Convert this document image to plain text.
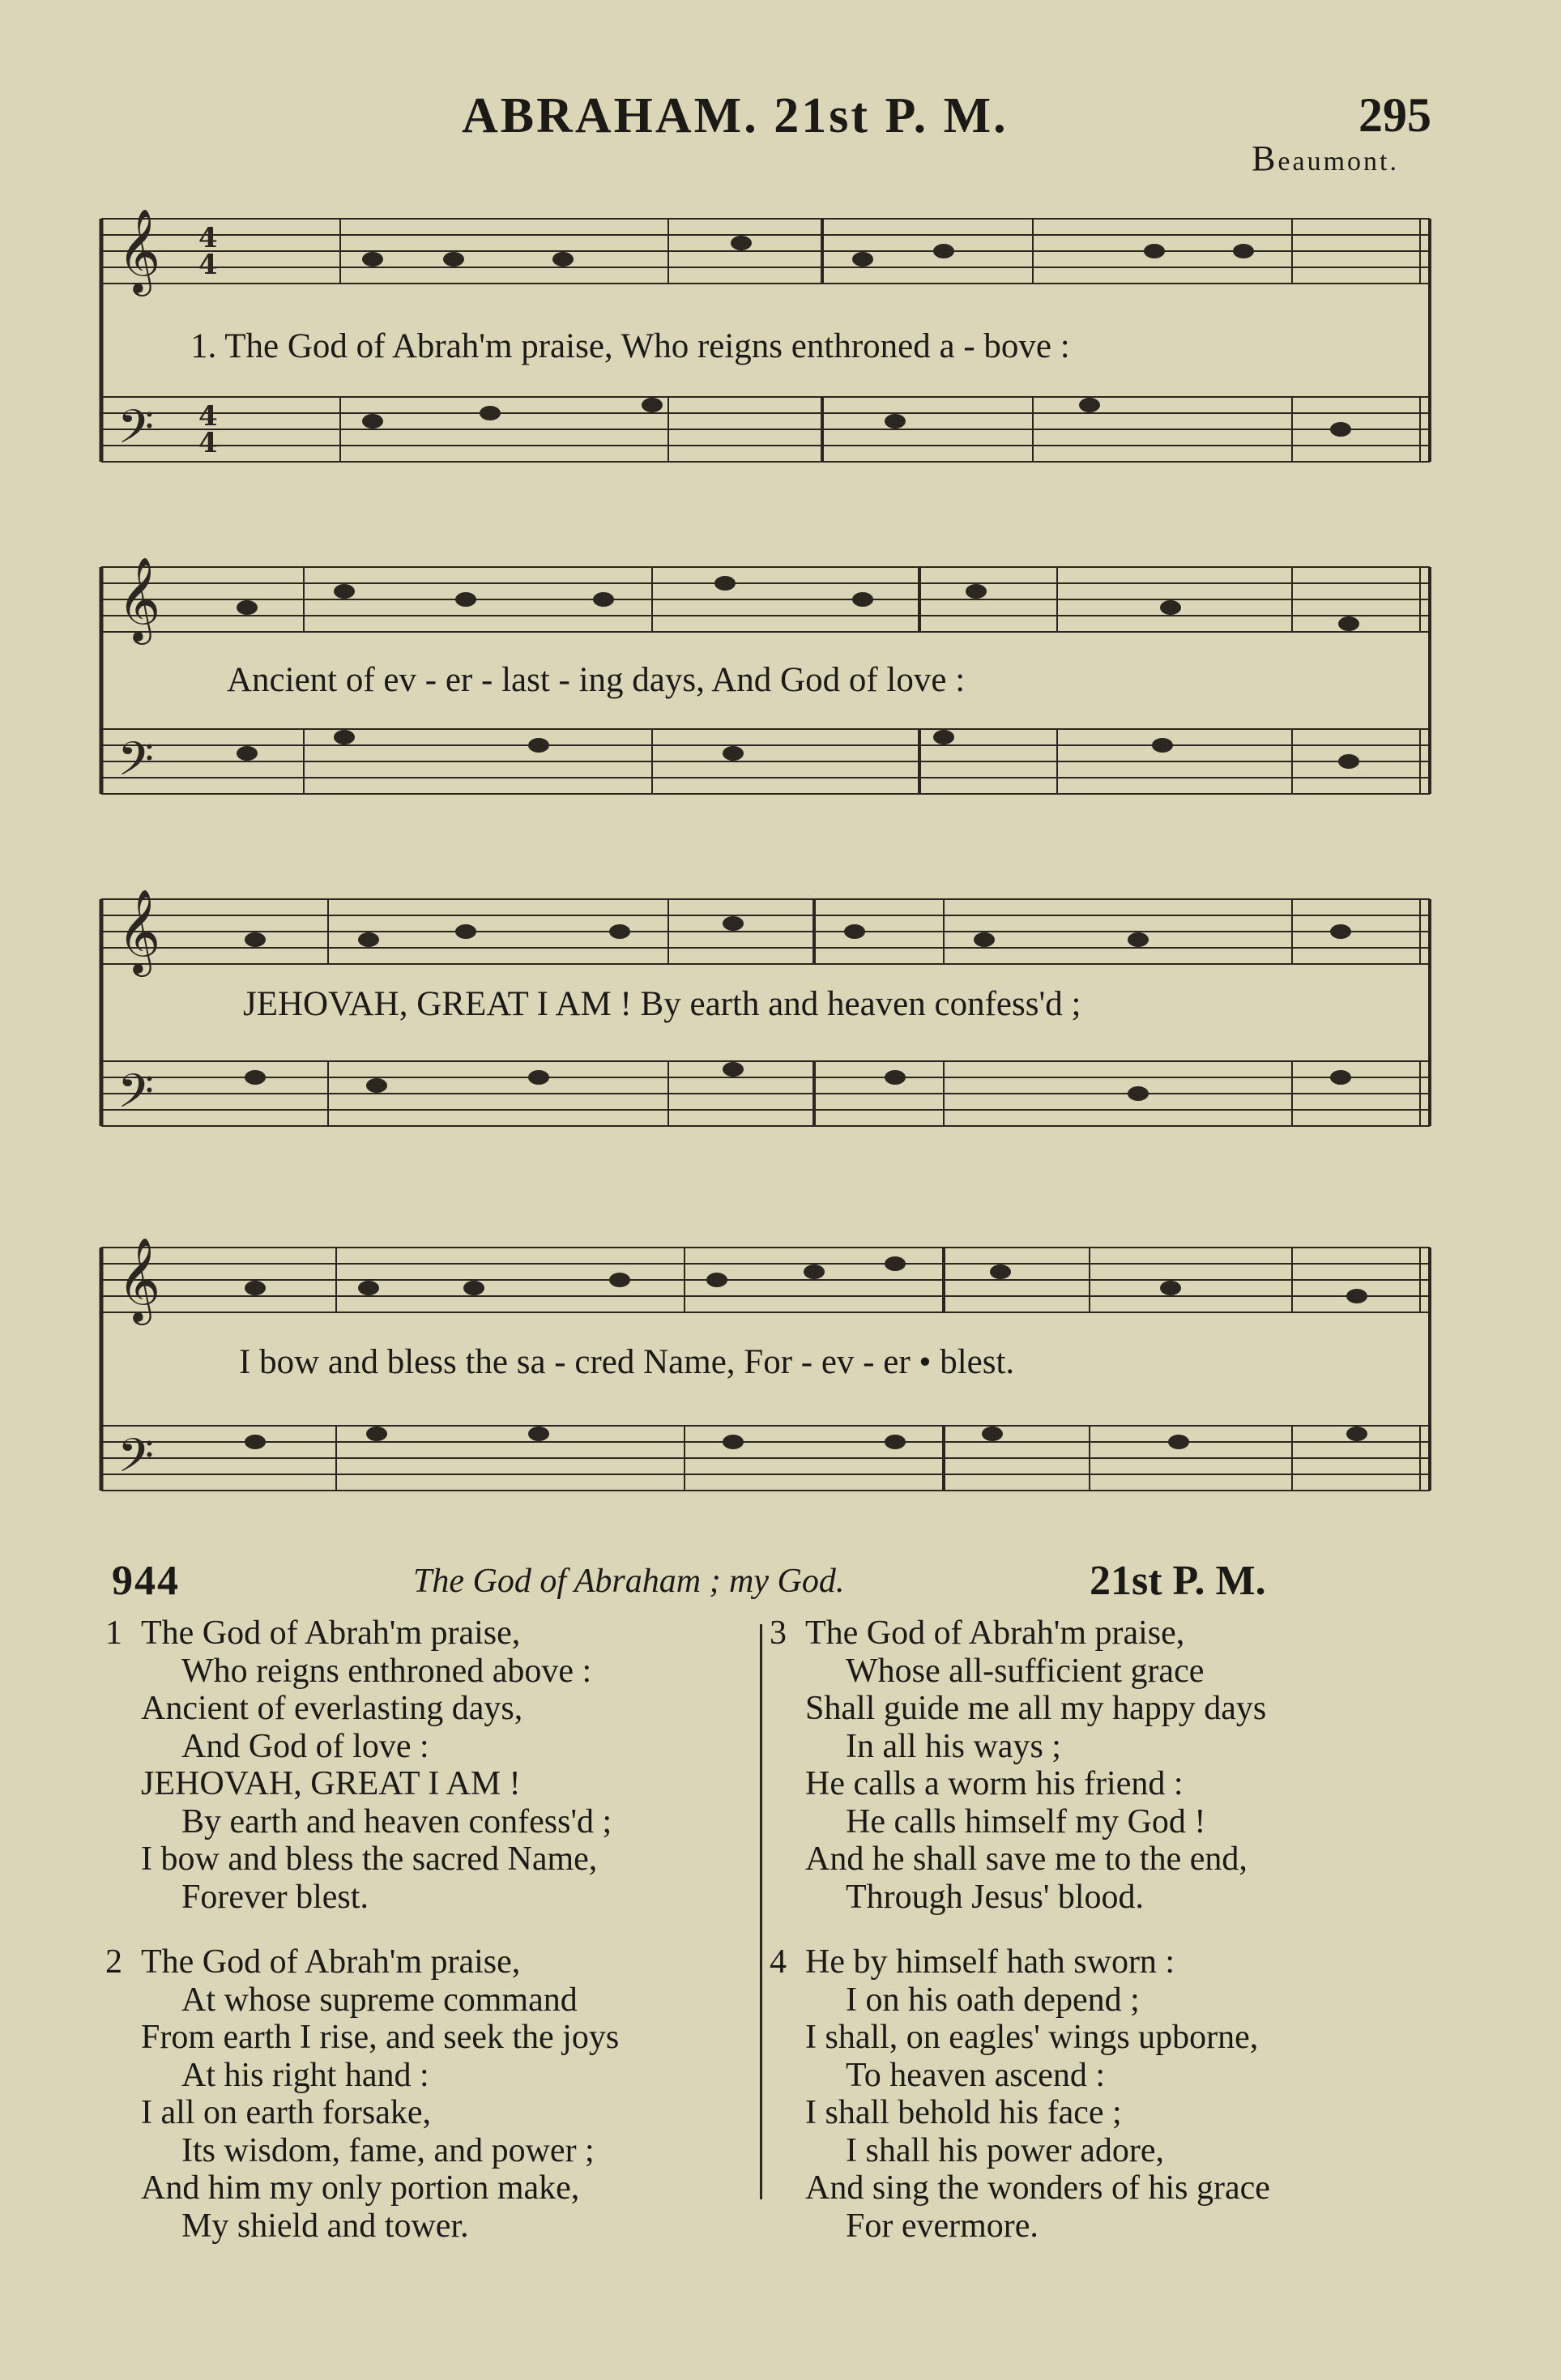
ABRAHAM. 21st P. M.	295
Beaumont.
𝄞
𝄢
4
4
4
4
1. The God of Abrah'm praise, Who reigns enthroned a - bove :
𝄞
𝄢
Ancient of ev - er - last - ing days, And God of love :
𝄞
𝄢
JEHOVAH, GREAT I AM ! By earth and heaven confess'd ;
𝄞
𝄢
I bow and bless the sa - cred Name, For - ev - er • blest.
944	The God of Abraham ; my God.	21st P. M.
1 The God of Abrah'm praise,
Who reigns enthroned above :
Ancient of everlasting days,
And God of love :
JEHOVAH, GREAT I AM !
By earth and heaven confess'd ;
I bow and bless the sacred Name,
Forever blest.
2 The God of Abrah'm praise,
At whose supreme command
From earth I rise, and seek the joys
At his right hand :
I all on earth forsake,
Its wisdom, fame, and power ;
And him my only portion make,
My shield and tower.
3 The God of Abrah'm praise,
Whose all-sufficient grace
Shall guide me all my happy days
In all his ways ;
He calls a worm his friend :
He calls himself my God !
And he shall save me to the end,
Through Jesus' blood.
4 He by himself hath sworn :
I on his oath depend ;
I shall, on eagles' wings upborne,
To heaven ascend :
I shall behold his face ;
I shall his power adore,
And sing the wonders of his grace
For evermore.
